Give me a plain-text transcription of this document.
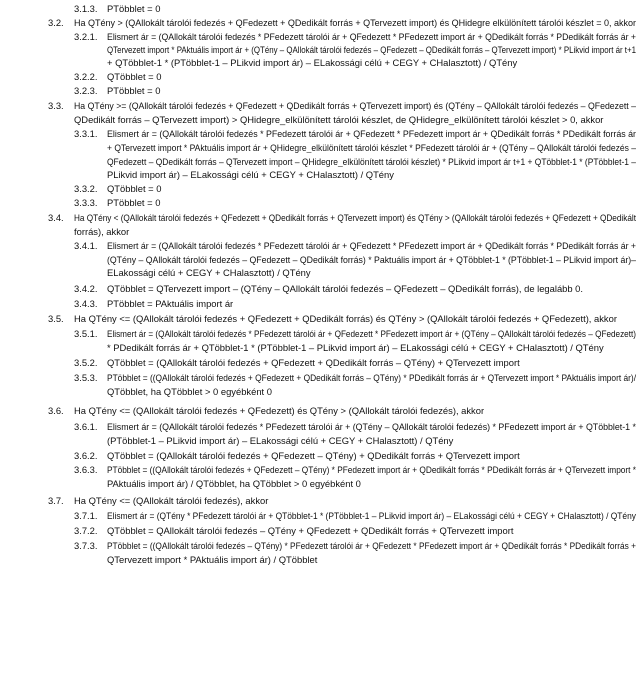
3.1.3.	PTöbblet = 0
3.2.	Ha QTény > (QAllokált tárolói fedezés + QFedezett + QDedikált forrás + QTervezett import) és QHidegre elkülönített tárolói készlet = 0, akkor
3.2.1.	Elismert ár = (QAllokált tárolói fedezés * PFedezett tárolói ár + QFedezett * PFedezett import ár + QDedikált forrás * PDedikált forrás ár +
QTervezett import * PAktuális import ár + (QTény – QAllokált tárolói fedezés – QFedezett – QDedikált forrás – QTervezett import) * PLikvid import ár t+1
+ QTöbblet-1 * (PTöbblet-1 – PLikvid import ár) – ELakossági célú + CEGY + CHalasztott) / QTény
3.2.2.	QTöbblet = 0
3.2.3.	PTöbblet = 0
3.3.	Ha QTény >= (QAllokált tárolói fedezés + QFedezett + QDedikált forrás + QTervezett import) és (QTény – QAllokált tárolói fedezés – QFedezett –
QDedikált forrás – QTervezett import) > QHidegre_elkülönített tárolói készlet, de QHidegre_elkülönített tárolói készlet > 0, akkor
3.3.1.	Elismert ár = (QAllokált tárolói fedezés * PFedezett tárolói ár + QFedezett * PFedezett import ár + QDedikált forrás * PDedikált forrás ár
+ QTervezett import * PAktuális import ár + QHidegre_elkülönített tárolói készlet * PFedezett tárolói ár + (QTény – QAllokált tárolói fedezés –
QFedezett – QDedikált forrás – QTervezett import – QHidegre_elkülönített tárolói készlet) * PLikvid import ár t+1 + QTöbblet-1 * (PTöbblet-1 –
PLikvid import ár) – ELakossági célú + CEGY + CHalasztott) / QTény
3.3.2.	QTöbblet = 0
3.3.3.	PTöbblet = 0
3.4.	Ha QTény < (QAllokált tárolói fedezés + QFedezett + QDedikált forrás + QTervezett import) és QTény > (QAllokált tárolói fedezés + QFedezett + QDedikált
forrás), akkor
3.4.1.	Elismert ár = (QAllokált tárolói fedezés * PFedezett tárolói ár + QFedezett * PFedezett import ár + QDedikált forrás * PDedikált forrás ár +
(QTény – QAllokált tárolói fedezés – QFedezett – QDedikált forrás) * Paktuális import ár + QTöbblet-1 * (PTöbblet-1 – PLikvid import ár)–
ELakossági célú + CEGY + CHalasztott) / QTény
3.4.2.	QTöbblet = QTervezett import – (QTény – QAllokált tárolói fedezés – QFedezett – QDedikált forrás), de legalább 0.
3.4.3.	PTöbblet = PAktuális import ár
3.5.	Ha QTény <= (QAllokált tárolói fedezés + QFedezett + QDedikált forrás) és QTény > (QAllokált tárolói fedezés + QFedezett), akkor
3.5.1.	Elismert ár = (QAllokált tárolói fedezés * PFedezett tárolói ár + QFedezett * PFedezett import ár + (QTény – QAllokált tárolói fedezés – QFedezett)
* PDedikált forrás ár + QTöbblet-1 * (PTöbblet-1 – PLikvid import ár) – ELakossági célú + CEGY + CHalasztott) / QTény
3.5.2.	QTöbblet = (QAllokált tárolói fedezés + QFedezett + QDedikált forrás – QTény) + QTervezett import
3.5.3.	PTöbblet = ((QAllokált tárolói fedezés + QFedezett + QDedikált forrás – QTény) * PDedikált forrás ár + QTervezett import * PAktuális import ár)/
QTöbblet, ha QTöbblet > 0 egyébként 0
3.6.	Ha QTény <= (QAllokált tárolói fedezés + QFedezett) és QTény > (QAllokált tárolói fedezés), akkor
3.6.1.	Elismert ár = (QAllokált tárolói fedezés * PFedezett tárolói ár + (QTény – QAllokált tárolói fedezés) * PFedezett import ár + QTöbblet-1 *
(PTöbblet-1 – PLikvid import ár) – ELakossági célú + CEGY + CHalasztott) / QTény
3.6.2.	QTöbblet = (QAllokált tárolói fedezés + QFedezett – QTény) + QDedikált forrás + QTervezett import
3.6.3.	PTöbblet = ((QAllokált tárolói fedezés + QFedezett – QTény) * PFedezett import ár + QDedikált forrás * PDedikált forrás ár + QTervezett import *
PAktuális import ár) / QTöbblet, ha QTöbblet > 0 egyébként 0
3.7.	Ha QTény <= (QAllokált tárolói fedezés), akkor
3.7.1.	Elismert ár = (QTény * PFedezett tárolói ár + QTöbblet-1 * (PTöbblet-1 – PLikvid import ár) – ELakossági célú + CEGY + CHalasztott) / QTény
3.7.2.	QTöbblet = QAllokált tárolói fedezés – QTény + QFedezett + QDedikált forrás + QTervezett import
3.7.3.	PTöbblet = ((QAllokált tárolói fedezés – QTény) * PFedezett tárolói ár + QFedezett * PFedezett import ár + QDedikált forrás * PDedikált forrás +
QTervezett import * PAktuális import ár) / QTöbblet
